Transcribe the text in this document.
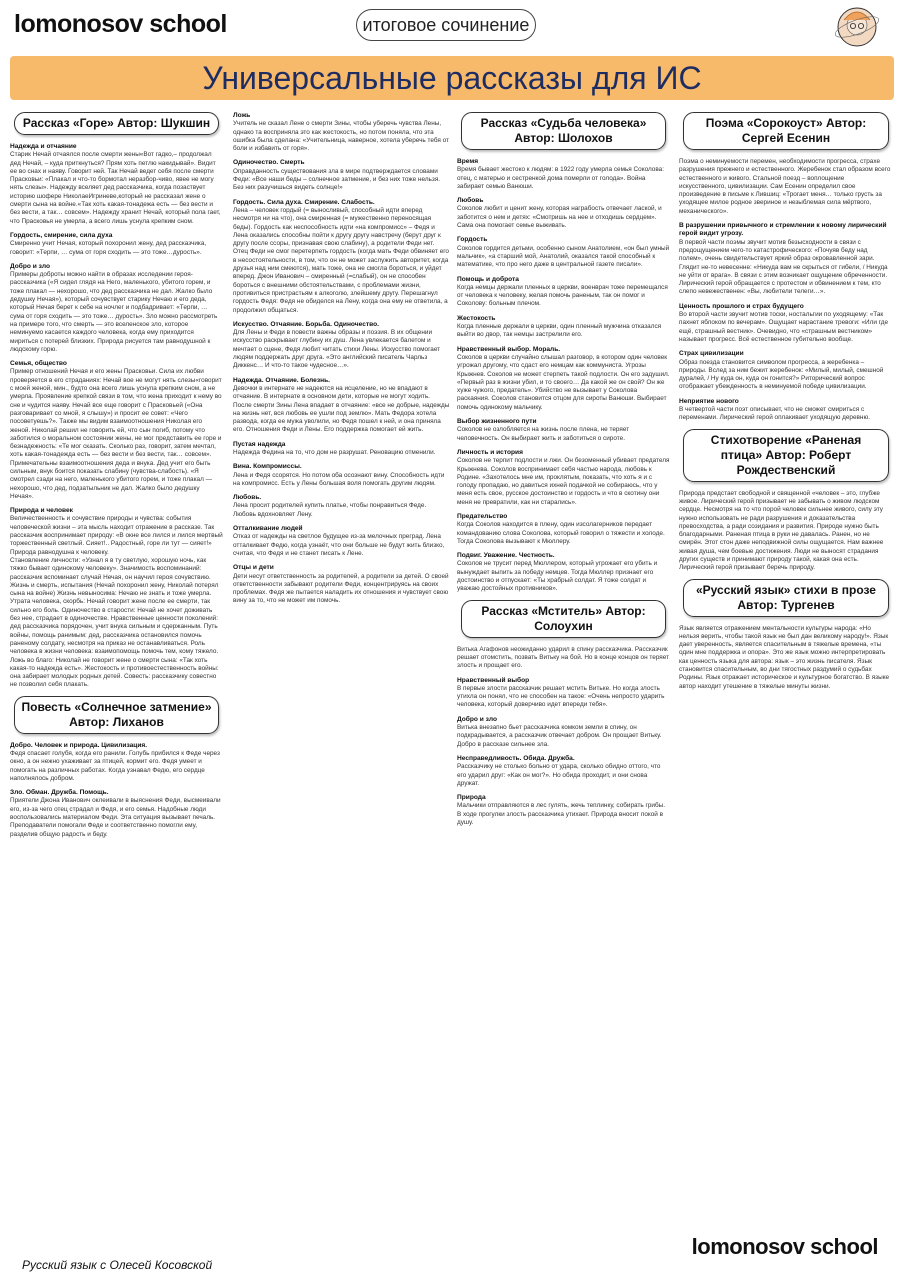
lomonosov school	итоговое сочинение
Универсальные рассказы для ИС
Рассказ «Горе» Автор: Шукшин
Надежда и отчаяние

Старик Нечай отчаялся после смерти жены«Вот гадко,– продолжал дед Нечай, – куда приткнуться? Прям хоть петлю накидывай». Видит ее во снах и наяву. Говорит ней. Так Нечай ведет себя после смерти Прасковьи: «Плакал и что-то бормотал неразбор-чиво, явее не могу нять слезы». Надежду вселяет дед рассказчика, когда позаствует историю шофере НиколаеИгриневе,который не рассказал жене о смерти сына на войне.«Так хоть какая-тонадежа есть — без вести и без вести, а так… совсем». Надежду хранит Нечай, который пола гает, что Прасковья не умерла, а всего лишь уснула крепким сном.

Гордость, смирение, сила духа

Смиренно учит Нечая, который похоронил жену, дед рассказчика, говорит: «Терпи, … сума от горя сходить — это тоже…дурость».

Добро и зло

Примеры доброты можно найти в образах исследении героя-рассказчика («Я сидел глядя на Него, маленького, убитого горем, и тоже плакал — нехорошо, что дед рассказчика не дал. Жалко было дедушку Нечая»), который сочувствует старику Нечаю и его деда, который Нечая берет к себе на ночлег и подбадривает: «Терпи, … сума от горя сходить — это тоже… дурость». Зло можно рассмотреть на примере того, что смерть — это вселенское зло, которое неминуемо касается каждого человека, когда ему приходится мириться с потерей близких. Природа рисуется там равнодушной к людскому горю.

Семья, общество

Пример отношений Нечая и его жены Прасковьи. Сила их любви проверяется в его страданиях: Нечай вое не могут нять слезы«говорит с моей женой, мин., будто она всего лишь уснула крепким сном, а не умерла. Проявление крепкой связи в том, что жена приходит к нему во сне и чудится наяву. Нечай все еще говорит с Прасковьей («Она разговаривает со мной, я слышу») и просит ее совет: «Чего посоветуешь?». Также мы видим взаимоотношения Николая его женой. Николай решил не говорить ей, что сын погиб, потому что заботился о моральном состоянии жены, не мог представить ее горе и безнадежность: «Те мог сказать. Сколько раз, говорит, затем мечтал, хоть какая-тонадежда есть — без вести и без вести, так… совсем». Примечательны взаимоотношения деда и внука. Дед учит его быть сильным, внук боится показать слабину (чувства-слабость). «Я смотрел сзади на него, маленького убитого горем, и тоже плакал — нехорошо, что дед, подзатыльник не дал. Жалко было дедушку Нечая».

Природа и человек

Величественность и сочувствие природы и чувства: события человеческой жизни – эта мысль находит отражение в рассказе. Так рассказчик воспринимает природу: «В окне все лился и лился мертвый торжественный светлый. Сияет!.. Радостный, горе ли тут — сияет!» Природа равнодушна к человеку.

Становление личности: «Узнал я в ту светлую, хорошую ночь, как тяжко бывает одинокому человеку». Значимость воспоминаний: рассказчик вспоминает случай Нечая, он научил героя сочувствию. Жизнь и смерть, испытания (Нечай похоронил жену, Николай потерял сына на войне) Жизнь невыносима: Нечаю не знать и тоже умерла. Утрата человека, скорбь: Нечай говорит жене после ее смерти, так сильно его боль. Одиночество в старости: Нечай не хочет доживать без нее, страдает в одиночестве. Нравственные ценности поколений: дед рассказчика порядочен, учит внука сильным и сдержанным. Путь войны, помощь ранимым: дед, рассказчика остановился помочь раненому солдату, несмотря на приказ не останавливаться. Роль человека в жизни человека: взаимопомощь помочь тем, кому тяжело. Ложь во благо: Николай не говорит жене о смерти сына: «Так хоть какая-то надежда есть». Жестокость и противоестественность войны: она забирает молодых родных детей. Совесть: рассказчику совестно не позволил себя плакать.

Повесть «Солнечное затмение» Автор: Лиханов
Добро. Человек и природа. Цивилизация.

Федя спасает голубя, когда его ранили. Голубь прибился к Феде через окно, а он нежно ухаживает за птицей, кормит его. Федя умеет и помогать на различных работах. Когда узнавал Федю, его сердце наполнялось добром.

Зло. Обман. Дружба. Помощь.

Приятели Джона Иванович оклеивали в выяснения Феди, высмеивали его, из-за чего отец страдал и Федя, и его семья. Надобные люди воспользовались материалом Феди. Эта ситуация вызывает печаль. Преподаватели помогали Феде и соответственно помогли ему, разделив общую радость и беду.

Ложь

Учитель не сказал Лене о смерти Зины, чтобы уберечь чувства Лены, однако та восприняла это как жестокость, но потом поняла, что эта ошибка была сделана: «Учительница, наверное, хотела уберечь тебя от боли и избавить от горя».

Одиночество. Смерть

Оправданность существования зла в мире подтверждается словами Феди: «Все наши беды – солнечное затмение, и без них тоже нельзя. Без них разучишься видеть солнце!»

Гордость. Сила духа. Смирение. Слабость.

Лена – человек гордый (= выносливый, способный идти вперед несмотря ни на что), она смиренная (= мужественно переносящая беды). Гордость как неспособность идти «на компромисс» – Федя и Лена оказались способны пойти к другу другу навстречу (берут друг к другу после ссоры, признавая свою слабину), а родители Феди нет. Отец Феди не смог перетерпеть гордость (когда мать Феди обвиняет его в несостоятельности, в том, что он не может заслужить авторитет, когда друзья над ним смеются), мать тоже, она не смогла бороться, и уйдет вперед. Джон Иванович – смиренный (=слабый), он не способен бороться с внешними обстоятельствами, с проблемами жизни, противиться пристрастьям к алкоголю, злейшему другу. Перешагнул гордость Федя: Федя не обиделся на Лену, когда она ему не ответила, а продолжил общаться.

Искусство. Отчаяние. Борьба. Одиночество.

Для Лены и Феди в повести важны образы и поэзия. В их общении искусство раскрывает глубину их душ. Лена увлекается балетом и мечтает о сцене, Федя любит читать стихи Лены. Искусство помогает людям поддержать друг друга. «Это английский писатель Чарльз Диккенс… И что-то такое чудесное…».

Надежда. Отчаяние. Болезнь.

Девочки в интернате не надеются на исцеление, но не впадают в отчаяние. В интернате в основном дети, которые не могут ходить. После смерти Зины Лена впадает в отчаяние: «все не добрые, надежды на жизнь нет, вся любовь ее ушли под землю». Мать Федора хотела развода, когда ее мужа уволили, но Федя пошел к ней, и она приняла его. Отношения Феди и Лены. Его поддержка помогает ей жить.

Пустая надежда

Надежда Федина на то, что дом не разрушат. Реновацию отменили.

Вина. Компромиссы.

Лена и Федя ссорятся. Но потом оба осознают вину. Способность идти на компромисс. Есть у Лены большая воля помогать другим людям.

Любовь.

Лена просит родителей купить платье, чтобы понравиться Феде. Любовь вдохновляет Лену.

Отталкивание людей

Отказ от надежды на светлое будущее из-за мелочных преград. Лена отталкивает Федю, когда узнаёт, что они больше не будут жить близко, считая, что Федя и не станет писать к Лене.

Отцы и дети

Дети несут ответственность за родителей, а родители за детей. О своей ответственности забывают родители Феди, концентрируясь на своих проблемах. Федя же пытается наладить их отношения и чувствует свою вину за то, что не может им помочь.

Рассказ «Судьба человека» Автор: Шолохов
Время

Время бывает жестоко к людям: в 1922 году умерла семья Соколова: отец, с матерью и сестренкой дома померли от голода». Война забирает семью Ванюши.

Любовь

Соколов любит и ценит жену, которая награбость отвечает лаской, и заботится о нем и детях: «Смотришь на нее и отходишь сердцем». Сама она помогает семье выживать.

Гордость

Соколов гордится детьми, особенно сыном Анатолием, «он был умный мальчик», «а старший мой, Анатолий, оказался такой способный к математике, что про него даже в центральной газете писали».

Помощь и доброта

Когда немцы держали пленных в церкви, военврач тоже перемещался от человека к человеку, желая помочь раненым, так он помог и Соколову: больным плечом.

Жестокость

Когда пленные держали в церкви, один пленный мужчина отказался выйти во двор, так немцы застрелили его.

Нравственный выбор. Мораль.

Соколов в церкви случайно слышал разговор, в котором один человек угрожал другому, что сдаст его немцам как коммуниста. Угрозы Крыжнев. Соколов не может стерпеть такой подлости. Он его задушил. «Первый раз в жизни убил, и то своего… Да какой же он свой? Он же хуже чужого, предатель». Убийство не вызывает у Соколова раскаяния. Соколов становится отцом для сироты Ванюши. Выбирает помочь одинокому мальчику.

Выбор жизненного пути

Соколов не озлобляется на жизнь после плена, не теряет человечность. Он выбирает жить и заботиться о сироте.

Личность и история

Соколов не терпит подлости и лжи. Он безоменный убивает предателя Крыжнева. Соколов воспринимает себя частью народа, любовь к Родине. «Захотелось мне им, проклятым, показать, что хоть я и с голоду пропадаю, но давиться ихней подачкой не собираюсь, что у меня есть свое, русское достоинство и гордость и что в скотину они меня не превратили, как ни старались».

Предательство

Когда Соколов находится в плену, один изсолагерников передает командованию слова Соколова, который говорил о тяжести и холоде. Тогда Соколова вызывают к Мюллеру.

Подвиг. Уважение. Честность.

Соколов не трусит перед Мюллером, который угрожает его убить и вынуждает выпить за победу немцев. Тогда Мюллер признает его достоинство и отпускает: «Ты храбрый солдат. Я тоже солдат и уважаю достойных противников».

Рассказ «Мститель» Автор: Солоухин

Витька Агафонов неожиданно ударил в спину рассказчика. Рассказчик решает отомстить, позвать Витьку на бой. Но в конце концов он теряет злость и прощает его.

Нравственный выбор

В первые злости рассказчик решает мстить Витьке. Но когда злость утихла он понял, что не способен на такое: «Очень непросто ударить человека, который доверчиво идет впереди тебя».

Добро и зло

Витька внезапно бьет рассказчика комком земли в спину, он подкрадывается, а рассказчик отвечает добром. Он прощает Витьку. Добро в рассказе сильнее зла.

Несправедливость. Обида. Дружба.

Рассказчику не столько больно от удара, сколько обидно оттого, что его ударил друг: «Как он мог?». Но обида проходит, и они снова дружат.

Природа

Мальчики отправляются в лес гулять, жечь теплинку, собирать грибы. В ходе прогулки злость рассказчика утихает. Природа вносит покой в душу.

Поэма «Сорокоуст» Автор: Сергей Есенин

Поэма о неминуемости перемен, необходимости прогресса, страхе разрушения прежнего и естественного. Жеребенок стал образом всего естественного и живого. Стальной поезд – воплощение искусственного, цивилизации. Сам Есенин определил свое произведение в письме к Лившиц: «Трогает меня… только грусть за уходящее милое родное звериное и незыблемая сила мёртвого, механического».

В разрушении привычного и стремлении к новому лирический герой видит угрозу.

В первой части поэмы звучит мотив безысходности в связи с предощущением чего-то катастрофического: «Почуяв беду над полем», очень свидетельствует яркий образ окровавленной зари. Глядит не-то невесенне: «Никуда вам не скрыться от гибели, / Никуда не уйти от врага». В связи с этим возникает ощущение обреченности. Лирический герой обращается с протестом и обвинением к тем, кто слепо невежественен: «Вы, любители телеги…».

Ценность прошлого и страх будущего

Во второй части звучит мотив тоски, ностальгии по уходящему: «Так пахнет яблоком по вечерам». Ощущает нарастание тревоги: «Или где ещё, страшный вестник». Очевидно, что «страшным вестником» называет прогресс. Всё естественное губительно вообще.

Страх цивилизации

Образ поезда становится символом прогресса, а жеребенка – природы. Вслед за ним бежит жеребенок: «Милый, милый, смешной дуралей, / Ну куда он, куда он гонится?» Риторический вопрос отображает убежденность в неминуемой победе цивилизации.

Неприятие нового

В четвертой части поэт описывает, что не сможет смириться с переменами. Лирический герой оплакивает уходящую деревню.

Стихотворение «Раненая птица» Автор: Роберт Рождественский

Природа предстает свободной и священной «человек – это, глубже живое. Лирический герой призывает не забывать о живом людском сердце. Несмотря на то что порой человек сильнее живого, силу эту нужно использовать не ради разрушения и доказательства превосходства, а ради созидания и развития. Природе нужно быть благодарными. Раненая птица в руки не давалась. Ранен, но не смирён. Этот стон даже неподвижной силы ощущается. Нам важнее живая душа, чем боевые достижения. Люди не выносят страдания других существ и принимают природу такой, какая она есть. Лирический герой призывает беречь природу.

«Русский язык» стихи в прозе Автор: Тургенев

Язык является отражением ментальности культуры народа: «Но нельзя верить, чтобы такой язык не был дан великому народу!». Язык дает уверенность, является спасительным в тяжелые времена, «ты один мне поддержка и опора». Это же язык можно интерпретировать как ценность языка для автора: язык – это жизнь писателя. Язык становится спасительным, во дни тягостных раздумий о судьбах Родины. Язык отражает историческое и культурное богатство. В языке автор находит утешение в тяжелые минуты жизни.

Русский язык с Олесей Косовской
lomonosov school
